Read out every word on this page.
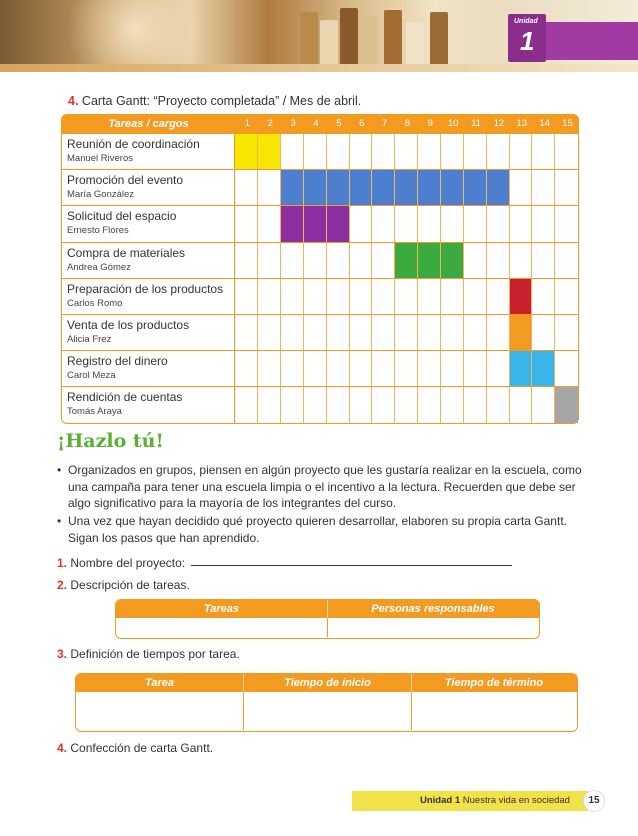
Unidad
1
4. Carta Gantt: “Proyecto completada” / Mes de abril.
Tareas / cargos	1	2	3	4	5	6	7	8	9	10	11	12	13	14	15
Reunión de coordinación
Manuel Riveros
Promoción del evento
María González
Solicitud del espacio
Ernesto Flores
Compra de materiales
Andrea Gómez
Preparación de los productos
Carlos Romo
Venta de los productos
Alicia Frez
Registro del dinero
Carol Meza
Rendición de cuentas
Tomás Araya
¡Hazlo tú!
• Organizados en grupos, piensen en algún proyecto que les gustaría realizar en la escuela, como una campaña para tener una escuela limpia o el incentivo a la lectura. Recuerden que debe ser algo significativo para la mayoría de los integrantes del curso.
• Una vez que hayan decidido qué proyecto quieren desarrollar, elaboren su propia carta Gantt. Sigan los pasos que han aprendido.
1. Nombre del proyecto:
2. Descripción de tareas.
Tareas	Personas responsables
3. Definición de tiempos por tarea.
Tarea	Tiempo de inicio	Tiempo de término
4. Confección de carta Gantt.
Unidad 1 Nuestra vida en sociedad	15
